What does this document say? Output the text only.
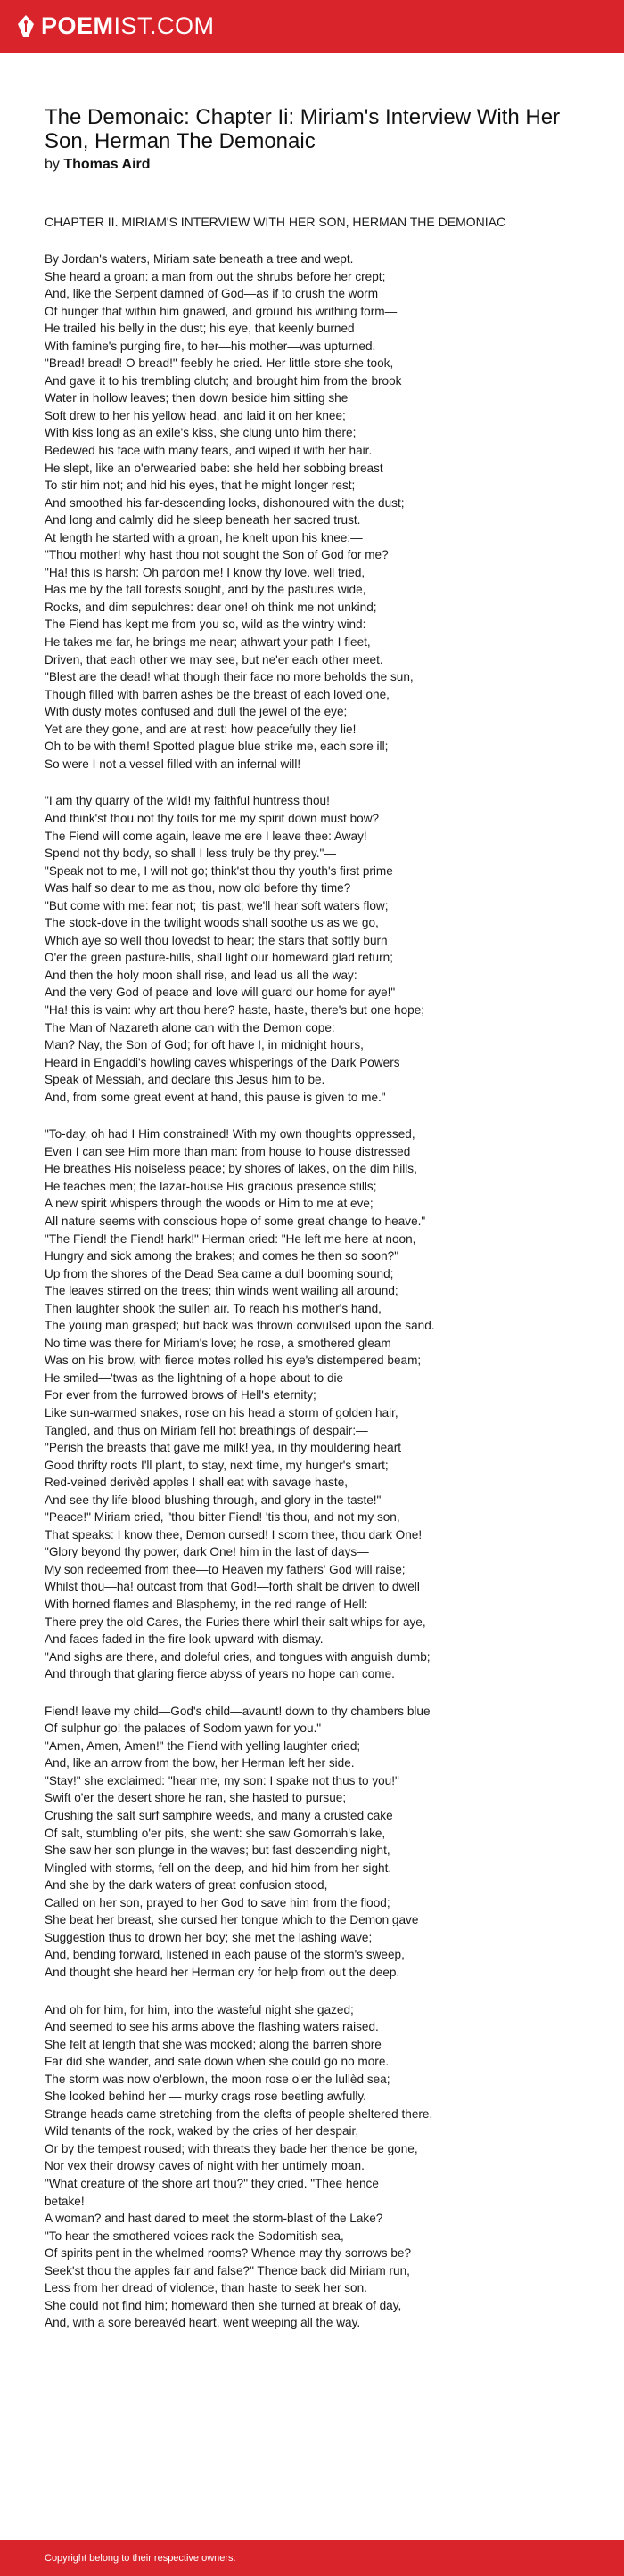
POEMIST.COM
The Demonaic: Chapter Ii: Miriam's Interview With Her Son, Herman The Demonaic
by Thomas Aird
CHAPTER II. MIRIAM'S INTERVIEW WITH HER SON, HERMAN THE DEMONIAC
By Jordan's waters, Miriam sate beneath a tree and wept.
She heard a groan: a man from out the shrubs before her crept;
And, like the Serpent damned of God—as if to crush the worm
Of hunger that within him gnawed, and ground his writhing form—
He trailed his belly in the dust; his eye, that keenly burned
With famine's purging fire, to her—his mother—was upturned.
"Bread! bread! O bread!" feebly he cried. Her little store she took,
And gave it to his trembling clutch; and brought him from the brook
Water in hollow leaves; then down beside him sitting she
Soft drew to her his yellow head, and laid it on her knee;
With kiss long as an exile's kiss, she clung unto him there;
Bedewed his face with many tears, and wiped it with her hair.
He slept, like an o'erwearied babe: she held her sobbing breast
To stir him not; and hid his eyes, that he might longer rest;
And smoothed his far-descending locks, dishonoured with the dust;
And long and calmly did he sleep beneath her sacred trust.
At length he started with a groan, he knelt upon his knee:—
"Thou mother! why hast thou not sought the Son of God for me?
"Ha! this is harsh: Oh pardon me! I know thy love. well tried,
Has me by the tall forests sought, and by the pastures wide,
Rocks, and dim sepulchres: dear one! oh think me not unkind;
The Fiend has kept me from you so, wild as the wintry wind:
He takes me far, he brings me near; athwart your path I fleet,
Driven, that each other we may see, but ne'er each other meet.
"Blest are the dead! what though their face no more beholds the sun,
Though filled with barren ashes be the breast of each loved one,
With dusty motes confused and dull the jewel of the eye;
Yet are they gone, and are at rest: how peacefully they lie!
Oh to be with them! Spotted plague blue strike me, each sore ill;
So were I not a vessel filled with an infernal will!
"I am thy quarry of the wild! my faithful huntress thou!
And think'st thou not thy toils for me my spirit down must bow?
The Fiend will come again, leave me ere I leave thee: Away!
Spend not thy body, so shall I less truly be thy prey."—
"Speak not to me, I will not go; think'st thou thy youth's first prime
Was half so dear to me as thou, now old before thy time?
"But come with me: fear not; 'tis past; we'll hear soft waters flow;
The stock-dove in the twilight woods shall soothe us as we go,
Which aye so well thou lovedst to hear; the stars that softly burn
O'er the green pasture-hills, shall light our homeward glad return;
And then the holy moon shall rise, and lead us all the way:
And the very God of peace and love will guard our home for aye!"
"Ha! this is vain: why art thou here? haste, haste, there's but one hope;
The Man of Nazareth alone can with the Demon cope:
Man? Nay, the Son of God; for oft have I, in midnight hours,
Heard in Engaddi's howling caves whisperings of the Dark Powers
Speak of Messiah, and declare this Jesus him to be.
And, from some great event at hand, this pause is given to me."
"To-day, oh had I Him constrained! With my own thoughts oppressed,
Even I can see Him more than man: from house to house distressed
He breathes His noiseless peace; by shores of lakes, on the dim hills,
He teaches men; the lazar-house His gracious presence stills;
A new spirit whispers through the woods or Him to me at eve;
All nature seems with conscious hope of some great change to heave."
"The Fiend! the Fiend! hark!" Herman cried: "He left me here at noon,
Hungry and sick among the brakes; and comes he then so soon?"
Up from the shores of the Dead Sea came a dull booming sound;
The leaves stirred on the trees; thin winds went wailing all around;
Then laughter shook the sullen air. To reach his mother's hand,
The young man grasped; but back was thrown convulsed upon the sand.
No time was there for Miriam's love; he rose, a smothered gleam
Was on his brow, with fierce motes rolled his eye's distempered beam;
He smiled—'twas as the lightning of a hope about to die
For ever from the furrowed brows of Hell's eternity;
Like sun-warmed snakes, rose on his head a storm of golden hair,
Tangled, and thus on Miriam fell hot breathings of despair:—
"Perish the breasts that gave me milk! yea, in thy mouldering heart
Good thrifty roots I'll plant, to stay, next time, my hunger's smart;
Red-veined derivèd apples I shall eat with savage haste,
And see thy life-blood blushing through, and glory in the taste!"—
"Peace!" Miriam cried, "thou bitter Fiend! 'tis thou, and not my son,
That speaks: I know thee, Demon cursed! I scorn thee, thou dark One!
"Glory beyond thy power, dark One! him in the last of days—
My son redeemed from thee—to Heaven my fathers' God will raise;
Whilst thou—ha! outcast from that God!—forth shalt be driven to dwell
With horned flames and Blasphemy, in the red range of Hell:
There prey the old Cares, the Furies there whirl their salt whips for aye,
And faces faded in the fire look upward with dismay.
"And sighs are there, and doleful cries, and tongues with anguish dumb;
And through that glaring fierce abyss of years no hope can come.
Fiend! leave my child—God's child—avaunt! down to thy chambers blue
Of sulphur go! the palaces of Sodom yawn for you."
"Amen, Amen, Amen!" the Fiend with yelling laughter cried;
And, like an arrow from the bow, her Herman left her side.
"Stay!" she exclaimed: "hear me, my son: I spake not thus to you!"
Swift o'er the desert shore he ran, she hasted to pursue;
Crushing the salt surf samphire weeds, and many a crusted cake
Of salt, stumbling o'er pits, she went: she saw Gomorrah's lake,
She saw her son plunge in the waves; but fast descending night,
Mingled with storms, fell on the deep, and hid him from her sight.
And she by the dark waters of great confusion stood,
Called on her son, prayed to her God to save him from the flood;
She beat her breast, she cursed her tongue which to the Demon gave
Suggestion thus to drown her boy; she met the lashing wave;
And, bending forward, listened in each pause of the storm's sweep,
And thought she heard her Herman cry for help from out the deep.
And oh for him, for him, into the wasteful night she gazed;
And seemed to see his arms above the flashing waters raised.
She felt at length that she was mocked; along the barren shore
Far did she wander, and sate down when she could go no more.
The storm was now o'erblown, the moon rose o'er the lullèd sea;
She looked behind her — murky crags rose beetling awfully.
Strange heads came stretching from the clefts of people sheltered there,
Wild tenants of the rock, waked by the cries of her despair,
Or by the tempest roused; with threats they bade her thence be gone,
Nor vex their drowsy caves of night with her untimely moan.
"What creature of the shore art thou?" they cried. "Thee hence
betake!
A woman? and hast dared to meet the storm-blast of the Lake?
"To hear the smothered voices rack the Sodomitish sea,
Of spirits pent in the whelmed rooms? Whence may thy sorrows be?
Seek'st thou the apples fair and false?" Thence back did Miriam run,
Less from her dread of violence, than haste to seek her son.
She could not find him; homeward then she turned at break of day,
And, with a sore bereavèd heart, went weeping all the way.
Copyright belong to their respective owners.
